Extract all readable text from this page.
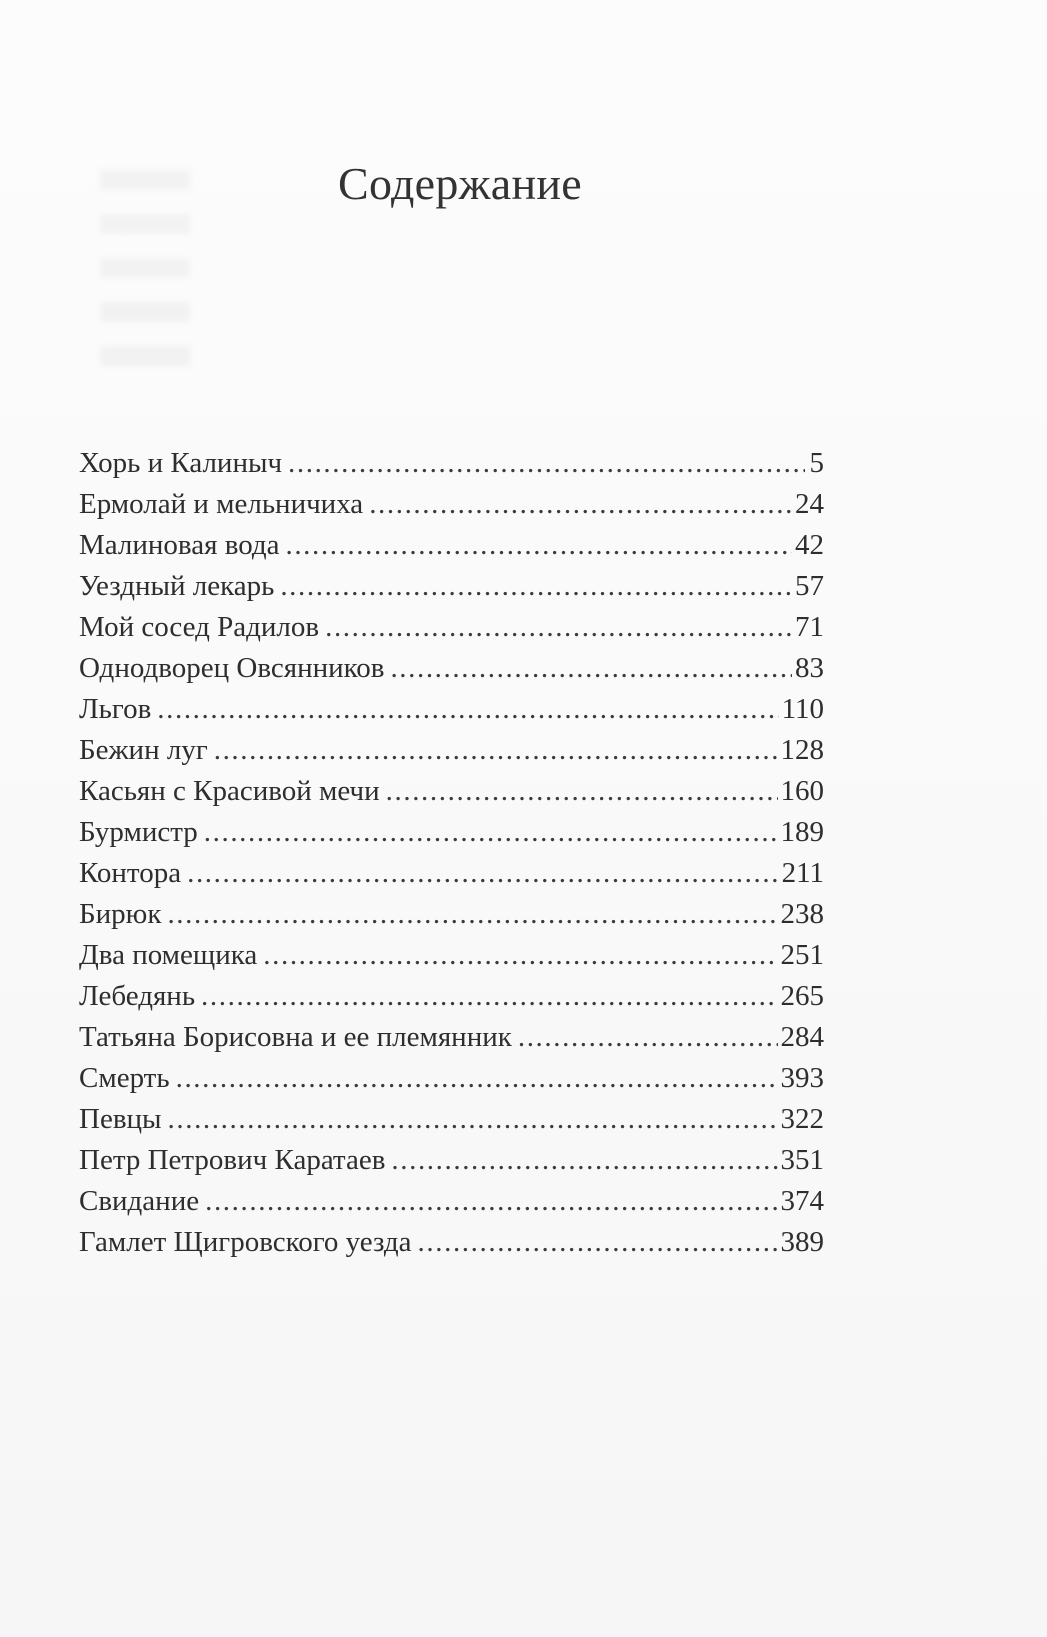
Содержание
Хорь и Калиныч .....	5
Ермолай и мельничиха .....	24
Малиновая вода .....	42
Уездный лекарь .....	57
Мой сосед Радилов .....	71
Однодворец Овсянников .....	83
Льгов .....	110
Бежин луг .....	128
Касьян с Красивой мечи .....	160
Бурмистр .....	189
Контора .....	211
Бирюк .....	238
Два помещика .....	251
Лебедянь .....	265
Татьяна Борисовна и ее племянник .....	284
Смерть .....	393
Певцы .....	322
Петр Петрович Каратаев .....	351
Свидание .....	374
Гамлет Щигровского уезда .....	389
